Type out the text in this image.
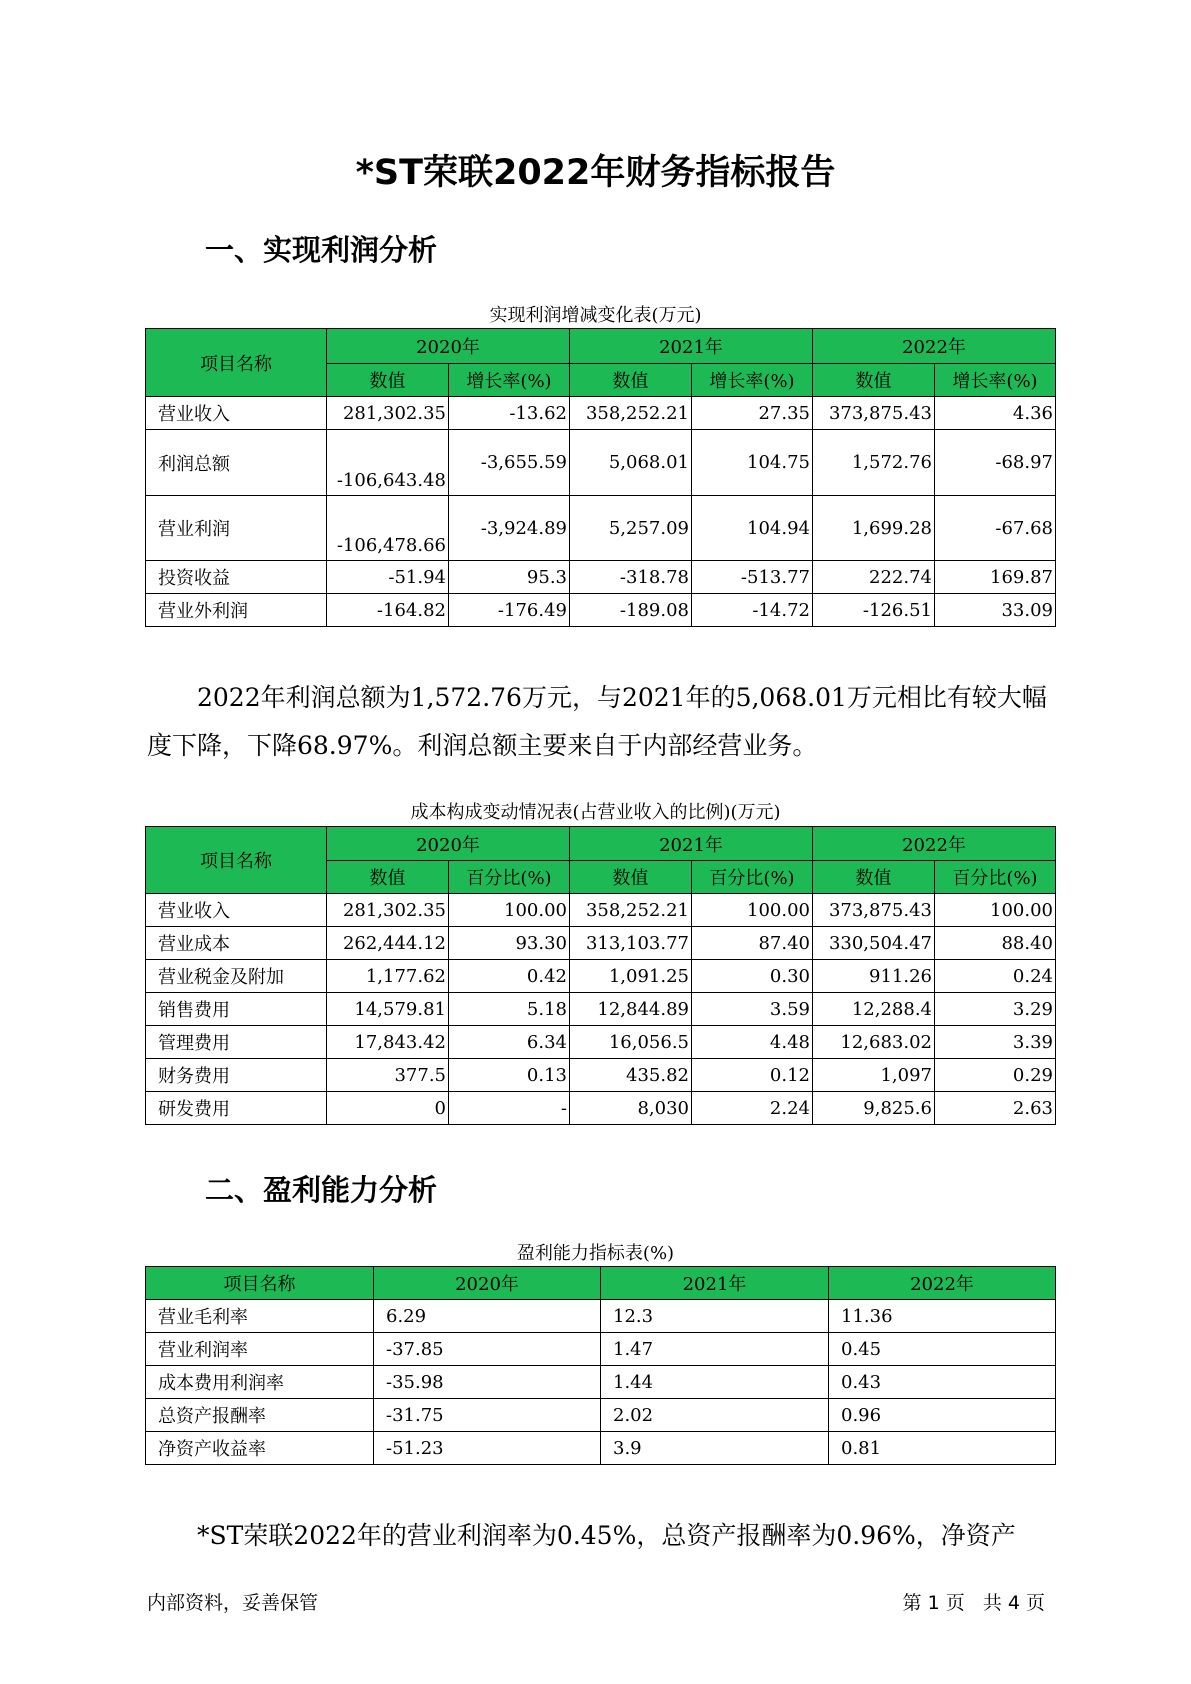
*ST荣联2022年财务指标报告
一、实现利润分析
实现利润增减变化表(万元)
项目名称	2020年		2021年		2022年	
	数值	增长率(%)	数值	增长率(%)	数值	增长率(%)
营业收入	281,302.35	-13.62	358,252.21	27.35	373,875.43	4.36
利润总额	-106,643.48	-3,655.59	5,068.01	104.75	1,572.76	-68.97
营业利润	-106,478.66	-3,924.89	5,257.09	104.94	1,699.28	-67.68
投资收益	-51.94	95.3	-318.78	-513.77	222.74	169.87
营业外利润	-164.82	-176.49	-189.08	-14.72	-126.51	33.09
2022年利润总额为1,572.76万元，与2021年的5,068.01万元相比有较大幅度下降，下降68.97%。利润总额主要来自于内部经营业务。
成本构成变动情况表(占营业收入的比例)(万元)
项目名称	2020年		2021年		2022年	
	数值	百分比(%)	数值	百分比(%)	数值	百分比(%)
营业收入	281,302.35	100.00	358,252.21	100.00	373,875.43	100.00
营业成本	262,444.12	93.30	313,103.77	87.40	330,504.47	88.40
营业税金及附加	1,177.62	0.42	1,091.25	0.30	911.26	0.24
销售费用	14,579.81	5.18	12,844.89	3.59	12,288.4	3.29
管理费用	17,843.42	6.34	16,056.5	4.48	12,683.02	3.39
财务费用	377.5	0.13	435.82	0.12	1,097	0.29
研发费用	0	-	8,030	2.24	9,825.6	2.63
二、盈利能力分析
盈利能力指标表(%)
项目名称	2020年	2021年	2022年
营业毛利率	6.29	12.3	11.36
营业利润率	-37.85	1.47	0.45
成本费用利润率	-35.98	1.44	0.43
总资产报酬率	-31.75	2.02	0.96
净资产收益率	-51.23	3.9	0.81
*ST荣联2022年的营业利润率为0.45%，总资产报酬率为0.96%，净资产
内部资料，妥善保管	第 1 页   共 4 页
